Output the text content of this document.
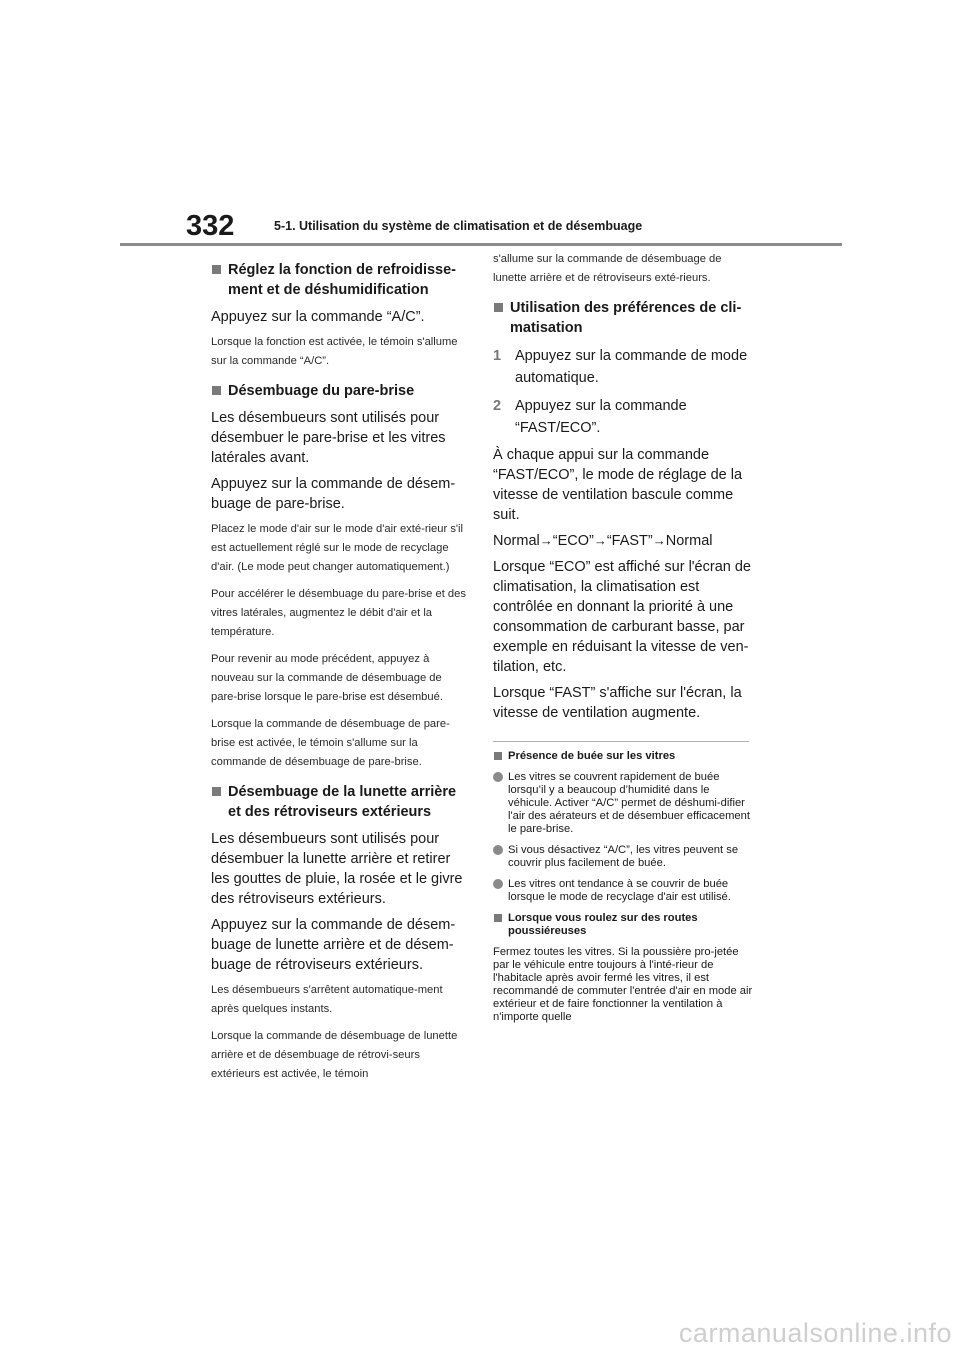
332	5-1. Utilisation du système de climatisation et de désembuage
Réglez la fonction de refroidisse-ment et de déshumidification

Appuyez sur la commande “A/C”.

Lorsque la fonction est activée, le témoin s'allume sur la commande “A/C”.

Désembuage du pare-brise

Les désembueurs sont utilisés pour désembuer le pare-brise et les vitres latérales avant.

Appuyez sur la commande de désem-buage de pare-brise.

Placez le mode d'air sur le mode d'air exté-rieur s'il est actuellement réglé sur le mode de recyclage d'air. (Le mode peut changer automatiquement.)

Pour accélérer le désembuage du pare-brise et des vitres latérales, augmentez le débit d'air et la température.

Pour revenir au mode précédent, appuyez à nouveau sur la commande de désembuage de pare-brise lorsque le pare-brise est désembué.

Lorsque la commande de désembuage de pare-brise est activée, le témoin s'allume sur la commande de désembuage de pare-brise.

Désembuage de la lunette arrière et des rétroviseurs extérieurs

Les désembueurs sont utilisés pour désembuer la lunette arrière et retirer les gouttes de pluie, la rosée et le givre des rétroviseurs extérieurs.

Appuyez sur la commande de désem-buage de lunette arrière et de désem-buage de rétroviseurs extérieurs.

Les désembueurs s'arrêtent automatique-ment après quelques instants.

Lorsque la commande de désembuage de lunette arrière et de désembuage de rétrovi-seurs extérieurs est activée, le témoin

s'allume sur la commande de désembuage de lunette arrière et de rétroviseurs exté-rieurs.

Utilisation des préférences de cli-matisation
1 Appuyez sur la commande de mode automatique.
2 Appuyez sur la commande “FAST/ECO”.

À chaque appui sur la commande “FAST/ECO”, le mode de réglage de la vitesse de ventilation bascule comme suit.

Normal→“ECO”→“FAST”→Normal

Lorsque “ECO” est affiché sur l'écran de climatisation, la climatisation est contrôlée en donnant la priorité à une consommation de carburant basse, par exemple en réduisant la vitesse de ven-tilation, etc.

Lorsque “FAST” s'affiche sur l'écran, la vitesse de ventilation augmente.

Présence de buée sur les vitres
Les vitres se couvrent rapidement de buée lorsqu’il y a beaucoup d’humidité dans le véhicule. Activer “A/C” permet de déshumi-difier l'air des aérateurs et de désembuer efficacement le pare-brise.
Si vous désactivez “A/C”, les vitres peuvent se couvrir plus facilement de buée.
Les vitres ont tendance à se couvrir de buée lorsque le mode de recyclage d'air est utilisé.
Lorsque vous roulez sur des routes poussiéreuses

Fermez toutes les vitres. Si la poussière pro-jetée par le véhicule entre toujours à l'inté-rieur de l'habitacle après avoir fermé les vitres, il est recommandé de commuter l'entrée d'air en mode air extérieur et de faire fonctionner la ventilation à n'importe quelle

carmanualsonline.info
